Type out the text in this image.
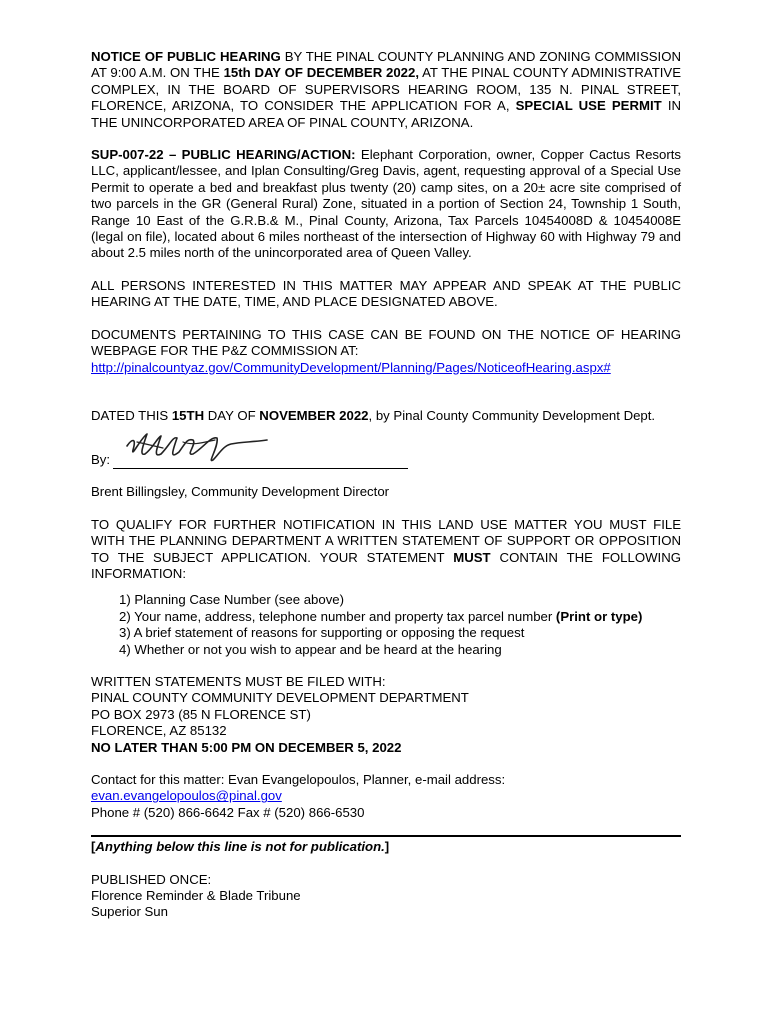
NOTICE OF PUBLIC HEARING BY THE PINAL COUNTY PLANNING AND ZONING COMMISSION AT 9:00 A.M. ON THE 15th DAY OF DECEMBER 2022, AT THE PINAL COUNTY ADMINISTRATIVE COMPLEX, IN THE BOARD OF SUPERVISORS HEARING ROOM, 135 N. PINAL STREET, FLORENCE, ARIZONA, TO CONSIDER THE APPLICATION FOR A, SPECIAL USE PERMIT IN THE UNINCORPORATED AREA OF PINAL COUNTY, ARIZONA.

SUP-007-22 – PUBLIC HEARING/ACTION: Elephant Corporation, owner, Copper Cactus Resorts LLC, applicant/lessee, and Iplan Consulting/Greg Davis, agent, requesting approval of a Special Use Permit to operate a bed and breakfast plus twenty (20) camp sites, on a 20± acre site comprised of two parcels in the GR (General Rural) Zone, situated in a portion of Section 24, Township 1 South, Range 10 East of the G.R.B.& M., Pinal County, Arizona, Tax Parcels 10454008D & 10454008E (legal on file), located about 6 miles northeast of the intersection of Highway 60 with Highway 79 and about 2.5 miles north of the unincorporated area of Queen Valley.

ALL PERSONS INTERESTED IN THIS MATTER MAY APPEAR AND SPEAK AT THE PUBLIC HEARING AT THE DATE, TIME, AND PLACE DESIGNATED ABOVE.

DOCUMENTS PERTAINING TO THIS CASE CAN BE FOUND ON THE NOTICE OF HEARING WEBPAGE FOR THE P&Z COMMISSION AT:

http://pinalcountyaz.gov/CommunityDevelopment/Planning/Pages/NoticeofHearing.aspx#

DATED THIS 15TH DAY OF NOVEMBER 2022, by Pinal County Community Development Dept.

By:

Brent Billingsley, Community Development Director

TO QUALIFY FOR FURTHER NOTIFICATION IN THIS LAND USE MATTER YOU MUST FILE WITH THE PLANNING DEPARTMENT A WRITTEN STATEMENT OF SUPPORT OR OPPOSITION TO THE SUBJECT APPLICATION. YOUR STATEMENT MUST CONTAIN THE FOLLOWING INFORMATION:

1) Planning Case Number (see above)
2) Your name, address, telephone number and property tax parcel number (Print or type)
3) A brief statement of reasons for supporting or opposing the request
4) Whether or not you wish to appear and be heard at the hearing

WRITTEN STATEMENTS MUST BE FILED WITH:

PINAL COUNTY COMMUNITY DEVELOPMENT DEPARTMENT

PO BOX 2973 (85 N FLORENCE ST)

FLORENCE, AZ 85132

NO LATER THAN 5:00 PM ON DECEMBER 5, 2022

Contact for this matter: Evan Evangelopoulos, Planner, e-mail address:

evan.evangelopoulos@pinal.gov

Phone # (520) 866-6642 Fax # (520) 866-6530

[Anything below this line is not for publication.]

PUBLISHED ONCE:

Florence Reminder & Blade Tribune

Superior Sun
